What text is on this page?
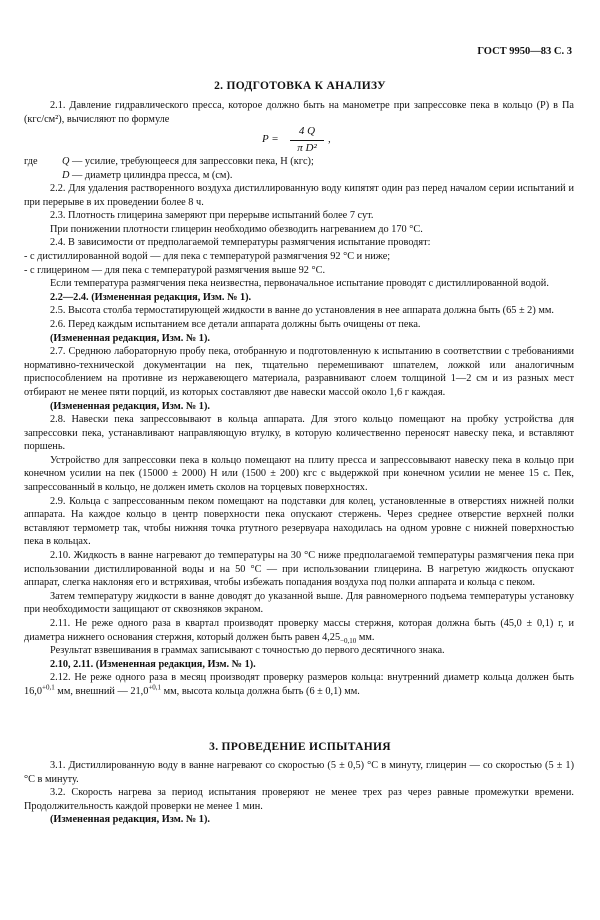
ГОСТ 9950—83 С. 3
2. ПОДГОТОВКА К АНАЛИЗУ

2.1. Давление гидравлического пресса, которое должно быть на манометре при запрессовке пека в кольцо (P) в Па (кгс/см²), вычисляют по формуле

P =
4 Q
π D²
,
где Q — усилие, требующееся для запрессовки пека, Н (кгс);
D — диаметр цилиндра пресса, м (см).

2.2. Для удаления растворенного воздуха дистиллированную воду кипятят один раз перед началом серии испытаний и при перерыве в их проведении более 8 ч.

2.3. Плотность глицерина замеряют при перерыве испытаний более 7 сут.

При понижении плотности глицерин необходимо обезводить нагреванием до 170 °C.

2.4. В зависимости от предполагаемой температуры размягчения испытание проводят:

- с дистиллированной водой — для пека с температурой размягчения 92 °C и ниже;

- с глицерином — для пека с температурой размягчения выше 92 °C.

Если температура размягчения пека неизвестна, первоначальное испытание проводят с дистиллированной водой.

2.2—2.4. (Измененная редакция, Изм. № 1).

2.5. Высота столба термостатирующей жидкости в ванне до установления в нее аппарата должна быть (65 ± 2) мм.

2.6. Перед каждым испытанием все детали аппарата должны быть очищены от пека.

(Измененная редакция, Изм. № 1).

2.7. Среднюю лабораторную пробу пека, отобранную и подготовленную к испытанию в соответствии с требованиями нормативно-технической документации на пек, тщательно перемешивают шпателем, ложкой или аналогичным приспособлением на противне из нержавеющего материала, разравнивают слоем толщиной 1—2 см и из разных мест отбирают не менее пяти порций, из которых составляют две навески массой около 1,6 г каждая.

(Измененная редакция, Изм. № 1).

2.8. Навески пека запрессовывают в кольца аппарата. Для этого кольцо помещают на пробку устройства для запрессовки пека, устанавливают направляющую втулку, в которую количественно переносят навеску пека, и вставляют поршень.

Устройство для запрессовки пека в кольцо помещают на плиту пресса и запрессовывают навеску пека в кольцо при конечном усилии на пек (15000 ± 2000) Н или (1500 ± 200) кгс с выдержкой при конечном усилии не менее 15 с. Пек, запрессованный в кольцо, не должен иметь сколов на торцевых поверхностях.

2.9. Кольца с запрессованным пеком помещают на подставки для колец, установленные в отверстиях нижней полки аппарата. На каждое кольцо в центр поверхности пека опускают стержень. Через среднее отверстие верхней полки вставляют термометр так, чтобы нижняя точка ртутного резервуара находилась на одном уровне с нижней поверхностью пека в кольцах.

2.10. Жидкость в ванне нагревают до температуры на 30 °C ниже предполагаемой температуры размягчения пека при использовании дистиллированной воды и на 50 °C — при использовании глицерина. В нагретую жидкость опускают аппарат, слегка наклоняя его и встряхивая, чтобы избежать попадания воздуха под полки аппарата и кольца с пеком.

Затем температуру жидкости в ванне доводят до указанной выше. Для равномерного подъема температуры установку при необходимости защищают от сквозняков экраном.

2.11. Не реже одного раза в квартал производят проверку массы стержня, которая должна быть (45,0 ± 0,1) г, и диаметра нижнего основания стержня, который должен быть равен $4,25_{-0,10}$ мм.

Результат взвешивания в граммах записывают с точностью до первого десятичного знака.

2.10, 2.11. (Измененная редакция, Изм. № 1).

2.12. Не реже одного раза в месяц производят проверку размеров кольца: внутренний диаметр кольца должен быть $16,0^{+0,1}$ мм, внешний — $21,0^{+0,1}$ мм, высота кольца должна быть (6 ± 0,1) мм.

3. ПРОВЕДЕНИЕ ИСПЫТАНИЯ

3.1. Дистиллированную воду в ванне нагревают со скоростью (5 ± 0,5) °C в минуту, глицерин — со скоростью (5 ± 1) °C в минуту.

3.2. Скорость нагрева за период испытания проверяют не менее трех раз через равные промежутки времени. Продолжительность каждой проверки не менее 1 мин.

(Измененная редакция, Изм. № 1).
